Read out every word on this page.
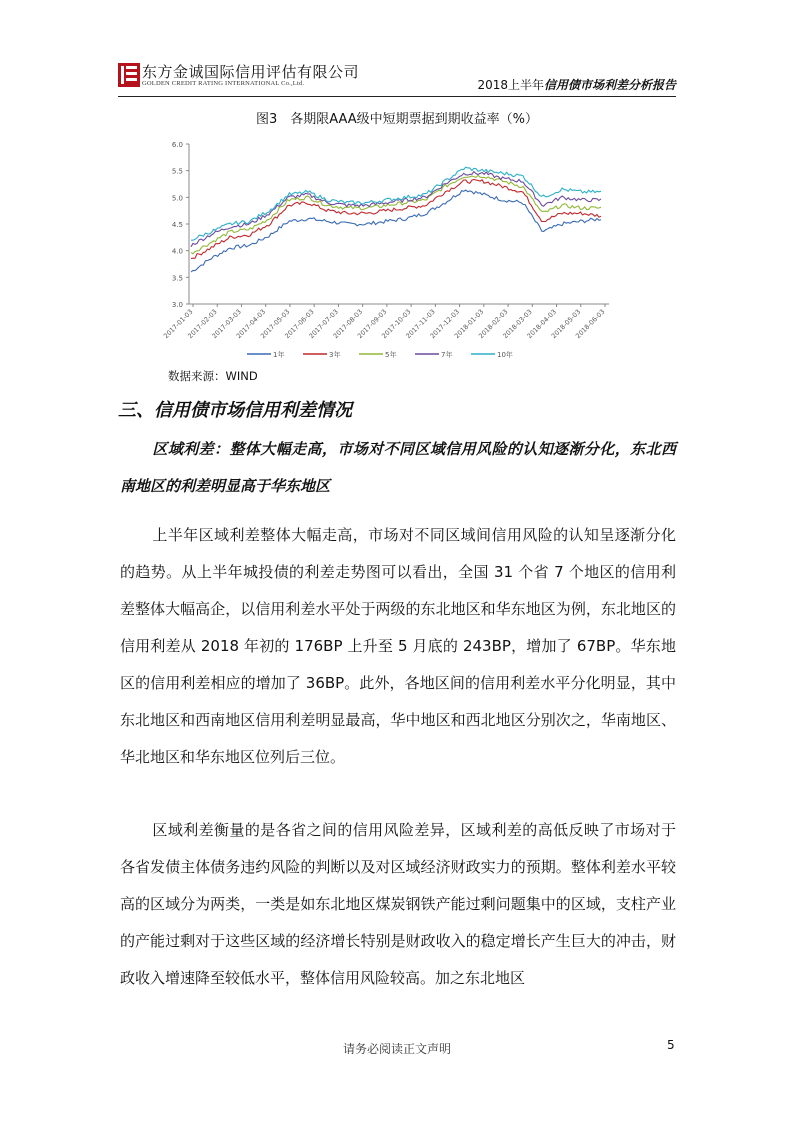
东方金诚国际信用评估有限公司
GOLDEN CREDIT RATING INTERNATIONAL Co.,Ltd.	2018上半年信用债市场利差分析报告
图3　各期限AAA级中短期票据到期收益率（%）
3.0
3.5
4.0
4.5
5.0
5.5
6.0
2017-01-03
2017-02-03
2017-03-03
2017-04-03
2017-05-03
2017-06-03
2017-07-03
2017-08-03
2017-09-03
2017-10-03
2017-11-03
2017-12-03
2018-01-03
2018-02-03
2018-03-03
2018-04-03
2018-05-03
2018-06-03
1年	3年	5年	7年	10年
数据来源：WIND
三、信用债市场信用利差情况
区域利差：整体大幅走高，市场对不同区域信用风险的认知逐渐分化，东北西南地区的利差明显高于华东地区
上半年区域利差整体大幅走高，市场对不同区域间信用风险的认知呈逐渐分化的趋势。从上半年城投债的利差走势图可以看出，全国 31 个省 7 个地区的信用利差整体大幅高企，以信用利差水平处于两级的东北地区和华东地区为例，东北地区的信用利差从 2018 年初的 176BP 上升至 5 月底的 243BP，增加了 67BP。华东地区的信用利差相应的增加了 36BP。此外，各地区间的信用利差水平分化明显，其中东北地区和西南地区信用利差明显最高，华中地区和西北地区分别次之，华南地区、华北地区和华东地区位列后三位。
区域利差衡量的是各省之间的信用风险差异，区域利差的高低反映了市场对于各省发债主体债务违约风险的判断以及对区域经济财政实力的预期。整体利差水平较高的区域分为两类，一类是如东北地区煤炭钢铁产能过剩问题集中的区域，支柱产业的产能过剩对于这些区域的经济增长特别是财政收入的稳定增长产生巨大的冲击，财政收入增速降至较低水平，整体信用风险较高。加之东北地区
请务必阅读正文声明	5
